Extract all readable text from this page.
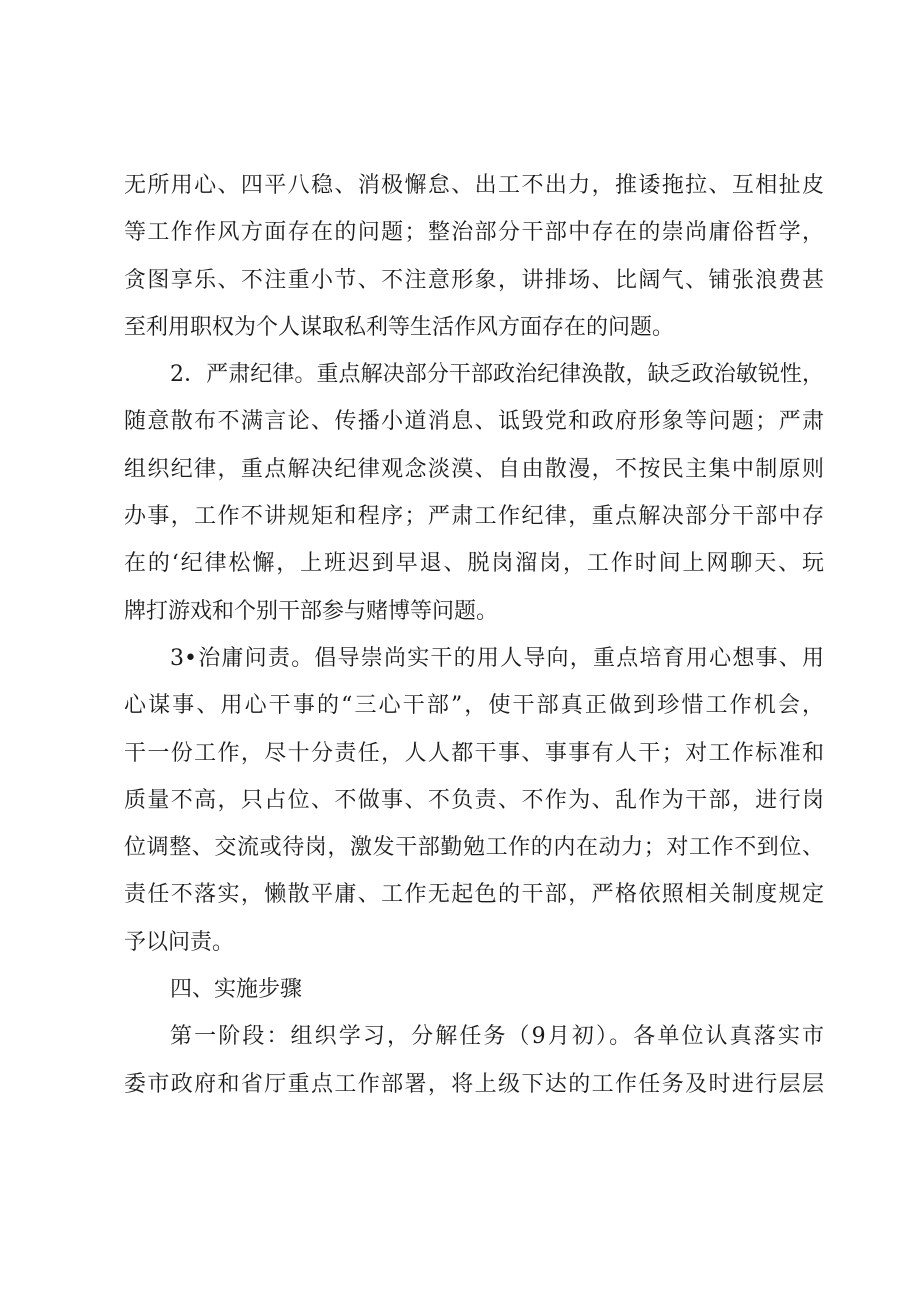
无所用心、四平八稳、消极懈怠、出工不出力，推诿拖拉、互相扯皮
等工作作风方面存在的问题；整治部分干部中存在的崇尚庸俗哲学，
贪图享乐、不注重小节、不注意形象，讲排场、比阔气、铺张浪费甚
至利用职权为个人谋取私利等生活作风方面存在的问题。
2．严肃纪律。重点解决部分干部政治纪律涣散，缺乏政治敏锐性，
随意散布不满言论、传播小道消息、诋毁党和政府形象等问题；严肃
组织纪律，重点解决纪律观念淡漠、自由散漫，不按民主集中制原则
办事，工作不讲规矩和程序；严肃工作纪律，重点解决部分干部中存
在的‘纪律松懈，上班迟到早退、脱岗溜岗，工作时间上网聊天、玩
牌打游戏和个别干部参与赌博等问题。
3•治庸问责。倡导崇尚实干的用人导向，重点培育用心想事、用
心谋事、用心干事的“三心干部”，使干部真正做到珍惜工作机会，
干一份工作，尽十分责任，人人都干事、事事有人干；对工作标准和
质量不高，只占位、不做事、不负责、不作为、乱作为干部，进行岗
位调整、交流或待岗，激发干部勤勉工作的内在动力；对工作不到位、
责任不落实，懒散平庸、工作无起色的干部，严格依照相关制度规定
予以问责。
四、实施步骤
第一阶段：组织学习，分解任务（9月初）。各单位认真落实市
委市政府和省厅重点工作部署，将上级下达的工作任务及时进行层层
